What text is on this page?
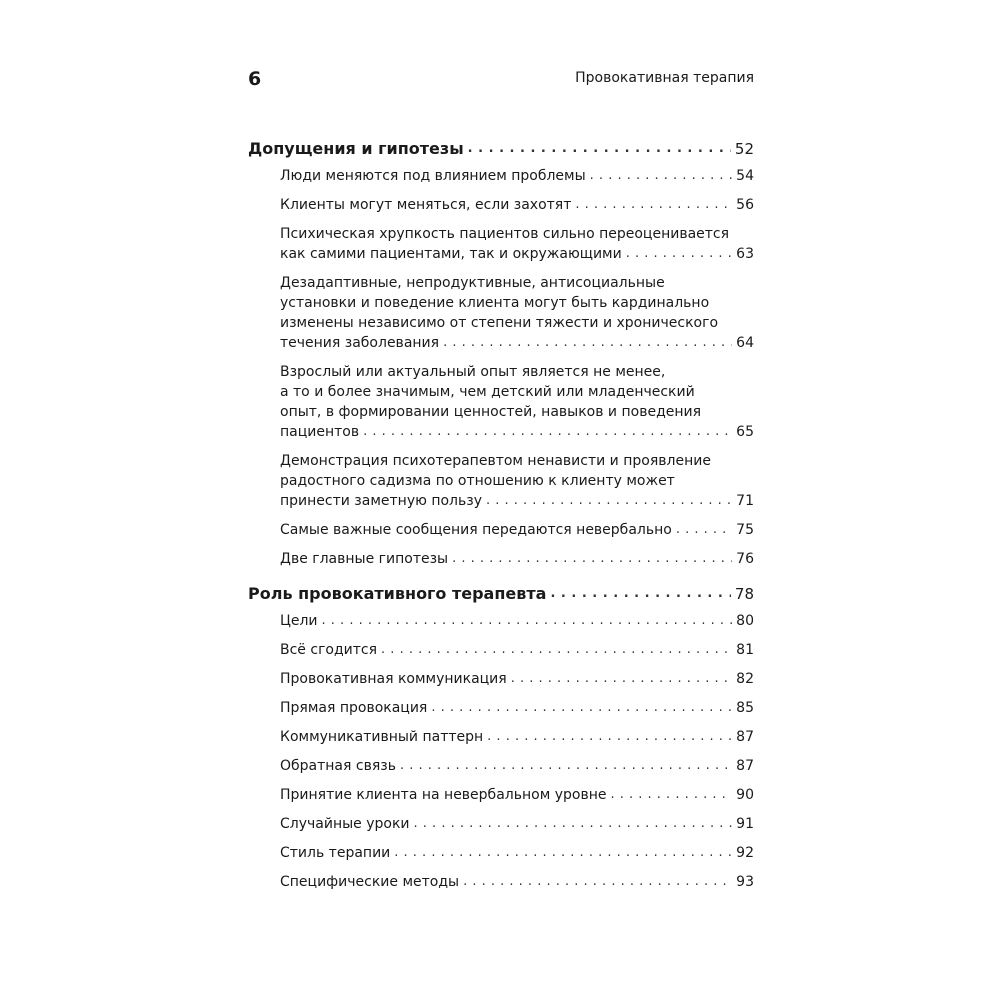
6	Провокативная терапия
Допущения и гипотезы . . .	52
Люди меняются под влиянием проблемы . . .	54
Клиенты могут меняться, если захотят . . .	56
Психическая хрупкость пациентов сильно переоценивается
как самими пациентами, так и окружающими . . .	63
Дезадаптивные, непродуктивные, антисоциальные
установки и поведение клиента могут быть кардинально
изменены независимо от степени тяжести и хронического
течения заболевания . . .	64
Взрослый или актуальный опыт является не менее,
а то и более значимым, чем детский или младенческий
опыт, в формировании ценностей, навыков и поведения
пациентов . . .	65
Демонстрация психотерапевтом ненависти и проявление
радостного садизма по отношению к клиенту может
принести заметную пользу . . .	71
Самые важные сообщения передаются невербально . . .	75
Две главные гипотезы . . .	76
Роль провокативного терапевта . . .	78
Цели . . .	80
Всё сгодится . . .	81
Провокативная коммуникация . . .	82
Прямая провокация . . .	85
Коммуникативный паттерн . . .	87
Обратная связь . . .	87
Принятие клиента на невербальном уровне . . .	90
Случайные уроки . . .	91
Стиль терапии . . .	92
Специфические методы . . .	93
